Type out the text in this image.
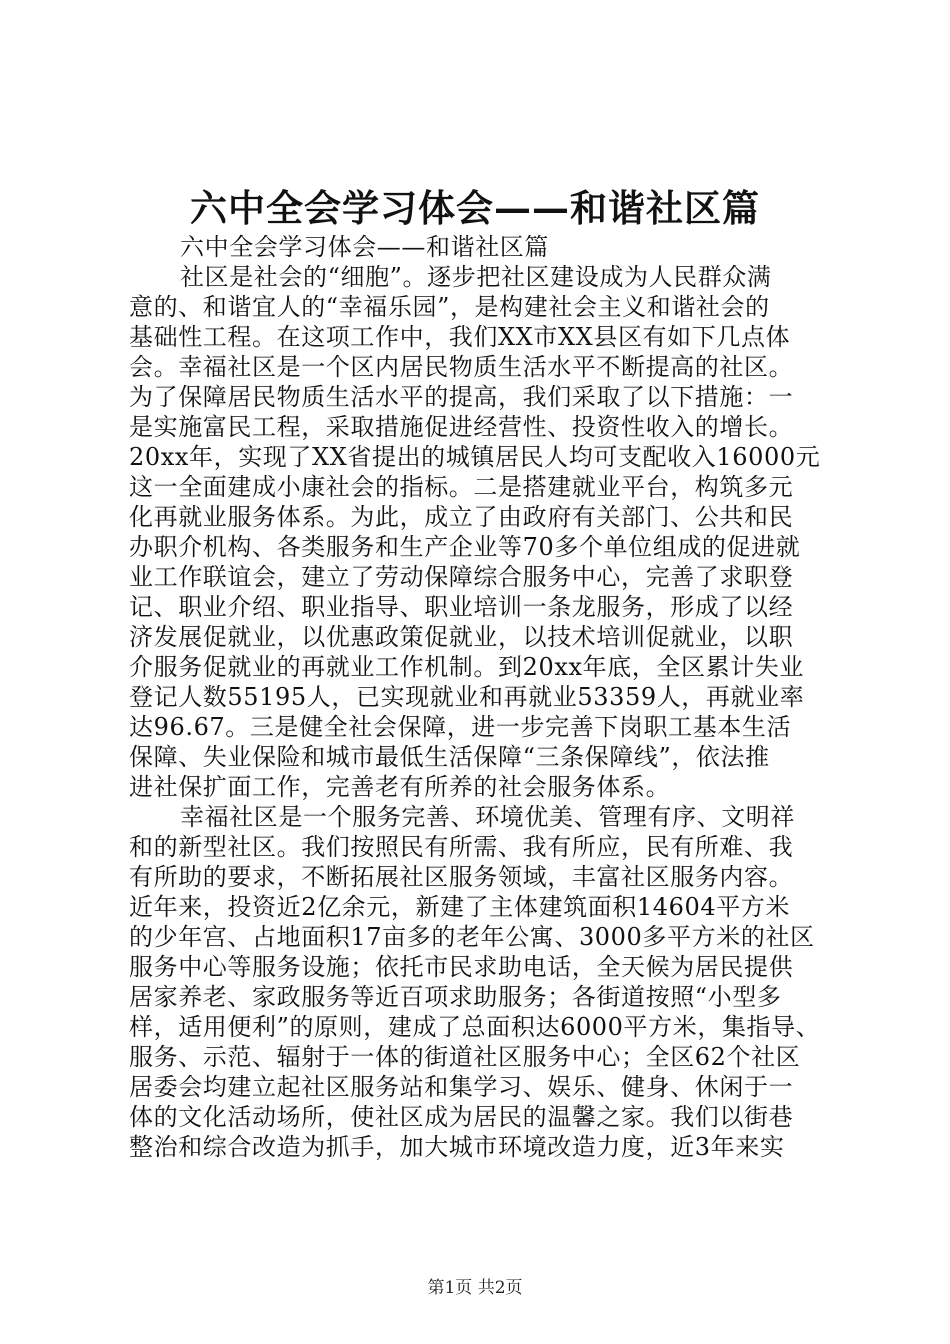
六中全会学习体会——和谐社区篇
六中全会学习体会——和谐社区篇
社区是社会的“细胞”。逐步把社区建设成为人民群众满
意的、和谐宜人的“幸福乐园”，是构建社会主义和谐社会的
基础性工程。在这项工作中，我们XX市XX县区有如下几点体
会。幸福社区是一个区内居民物质生活水平不断提高的社区。
为了保障居民物质生活水平的提高，我们采取了以下措施：一
是实施富民工程，采取措施促进经营性、投资性收入的增长。
20xx年，实现了XX省提出的城镇居民人均可支配收入16000元
这一全面建成小康社会的指标。二是搭建就业平台，构筑多元
化再就业服务体系。为此，成立了由政府有关部门、公共和民
办职介机构、各类服务和生产企业等70多个单位组成的促进就
业工作联谊会，建立了劳动保障综合服务中心，完善了求职登
记、职业介绍、职业指导、职业培训一条龙服务，形成了以经
济发展促就业，以优惠政策促就业，以技术培训促就业，以职
介服务促就业的再就业工作机制。到20xx年底，全区累计失业
登记人数55195人，已实现就业和再就业53359人，再就业率
达96.67。三是健全社会保障，进一步完善下岗职工基本生活
保障、失业保险和城市最低生活保障“三条保障线”，依法推
进社保扩面工作，完善老有所养的社会服务体系。
幸福社区是一个服务完善、环境优美、管理有序、文明祥
和的新型社区。我们按照民有所需、我有所应，民有所难、我
有所助的要求，不断拓展社区服务领域，丰富社区服务内容。
近年来，投资近2亿余元，新建了主体建筑面积14604平方米
的少年宫、占地面积17亩多的老年公寓、3000多平方米的社区
服务中心等服务设施；依托市民求助电话，全天候为居民提供
居家养老、家政服务等近百项求助服务；各街道按照“小型多
样，适用便利”的原则，建成了总面积达6000平方米，集指导、
服务、示范、辐射于一体的街道社区服务中心；全区62个社区
居委会均建立起社区服务站和集学习、娱乐、健身、休闲于一
体的文化活动场所，使社区成为居民的温馨之家。我们以街巷
整治和综合改造为抓手，加大城市环境改造力度，近3年来实
第1页 共2页
